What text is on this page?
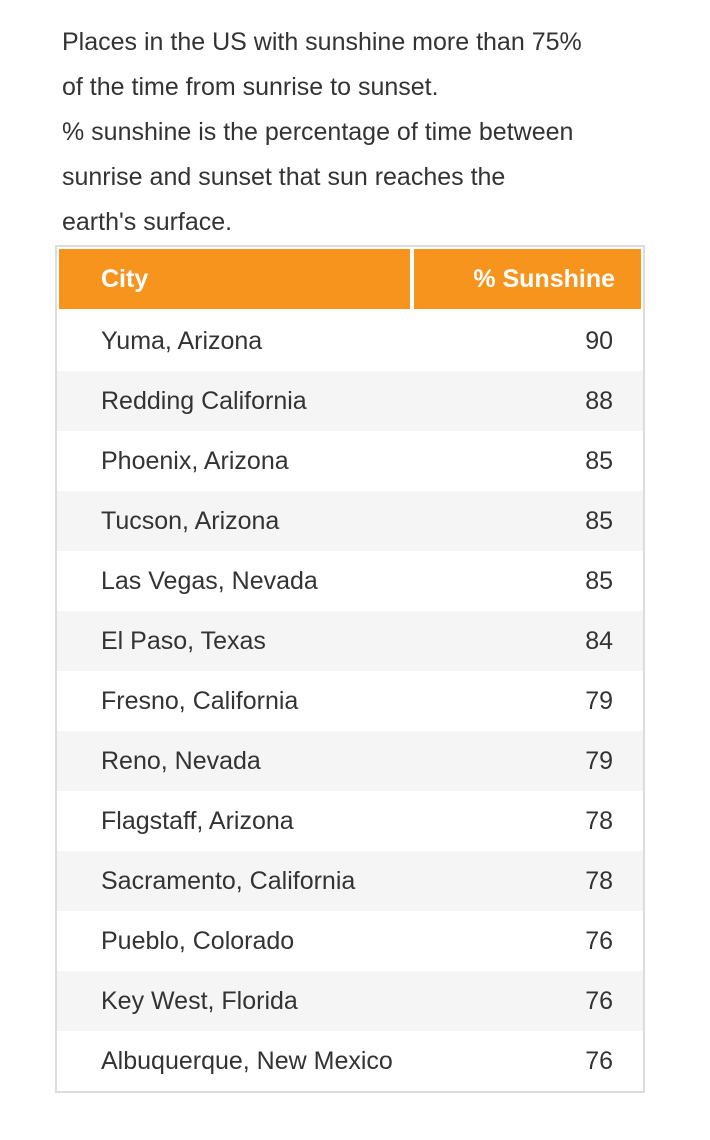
Places in the US with sunshine more than 75%
of the time from sunrise to sunset.
% sunshine is the percentage of time between
sunrise and sunset that sun reaches the
earth's surface.
City	% Sunshine
Yuma, Arizona	90
Redding California	88
Phoenix, Arizona	85
Tucson, Arizona	85
Las Vegas, Nevada	85
El Paso, Texas	84
Fresno, California	79
Reno, Nevada	79
Flagstaff, Arizona	78
Sacramento, California	78
Pueblo, Colorado	76
Key West, Florida	76
Albuquerque, New Mexico	76
